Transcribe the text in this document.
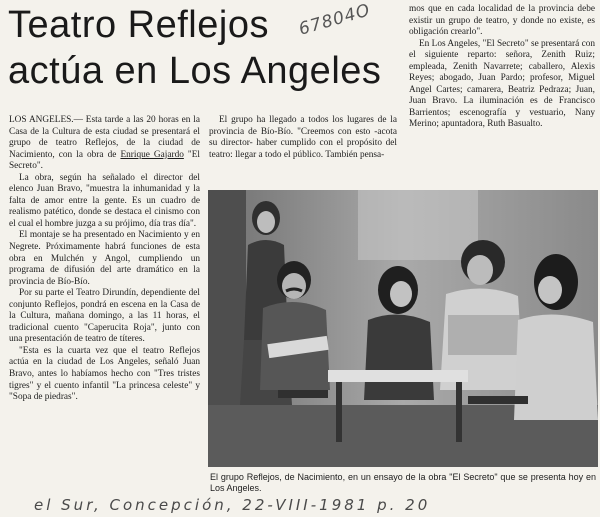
Teatro Reflejos
actúa en Los Angeles
67804O

LOS ANGELES.— Esta tarde a las 20 horas en la Casa de la Cultura de esta ciudad se presentará el grupo de teatro Reflejos, de la ciudad de Nacimiento, con la obra de Enrique Gajardo "El Secreto".

La obra, según ha señalado el director del elenco Juan Bravo, "muestra la inhumanidad y la falta de amor entre la gente. Es un cuadro de realismo patético, donde se destaca el cinismo con el cual el hombre juzga a su prójimo, día tras día".

El montaje se ha presentado en Nacimiento y en Negrete. Próximamente habrá funciones de esta obra en Mulchén y Angol, cumpliendo un programa de difusión del arte dramático en la provincia de Bío-Bío.

Por su parte el Teatro Dirundín, dependiente del conjunto Reflejos, pondrá en escena en la Casa de la Cultura, mañana domingo, a las 11 horas, el tradicional cuento "Caperucita Roja", junto con una presentación de teatro de títeres.

"Esta es la cuarta vez que el teatro Reflejos actúa en la ciudad de Los Angeles, señaló Juan Bravo, antes lo habíamos hecho con "Tres tristes tigres" y el cuento infantil "La princesa celeste" y "Sopa de piedras".

El grupo ha llegado a todos los lugares de la provincia de Bío-Bío. "Creemos con esto -acota su director- haber cumplido con el propósito del teatro: llegar a todo el público. También pensa-

mos que en cada localidad de la provincia debe existir un grupo de teatro, y donde no existe, es obligación crearlo".

En Los Angeles, "El Secreto" se presentará con el siguiente reparto: señora, Zenith Ruiz; empleada, Zenith Navarrete; caballero, Alexis Reyes; abogado, Juan Pardo; profesor, Miguel Angel Cartes; camarera, Beatriz Pedraza; Juan, Juan Bravo. La iluminación es de Francisco Barrientos; escenografía y vestuario, Nany Merino; apuntadora, Ruth Basualto.

El grupo Reflejos, de Nacimiento, en un ensayo de la obra "El Secreto" que se presenta hoy en Los Angeles.

el Sur, Concepción, 22-VIII-1981 p. 20
